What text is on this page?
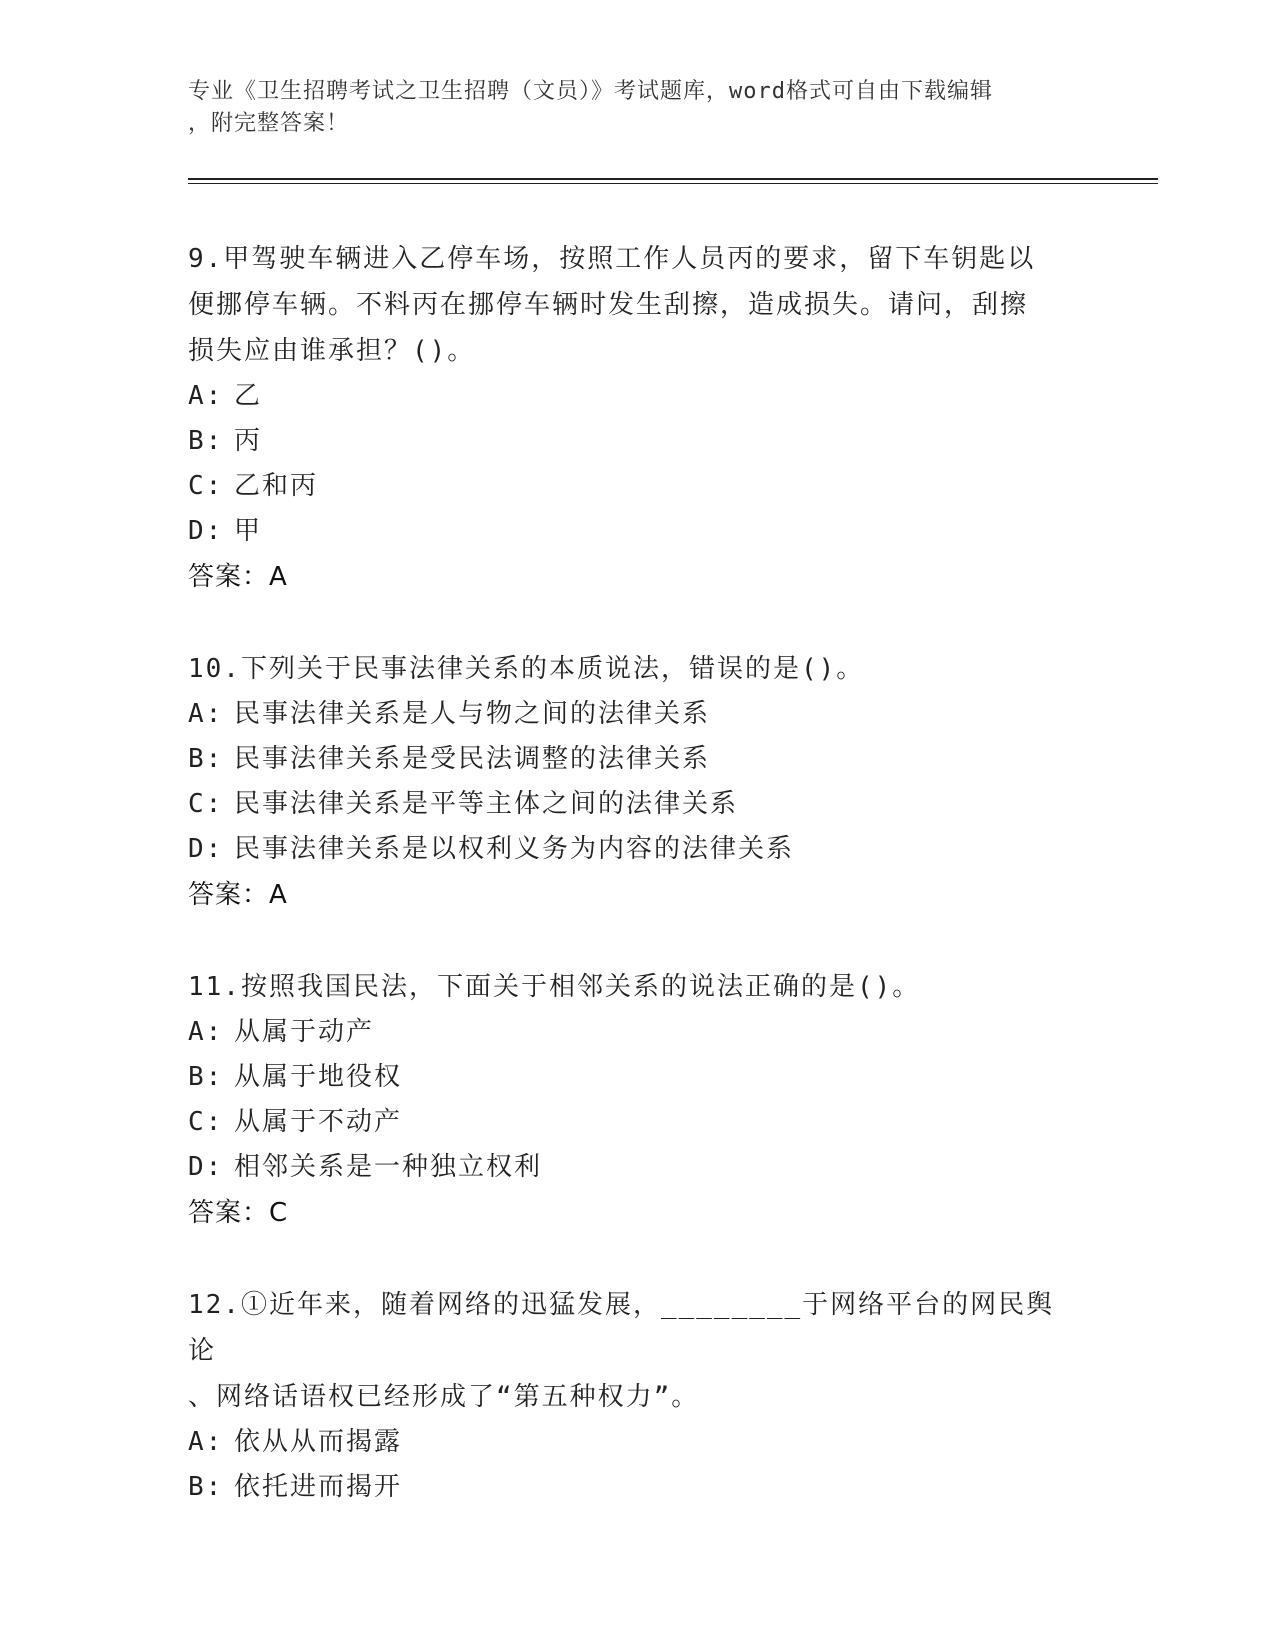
专业《卫生招聘考试之卫生招聘（文员）》考试题库，word格式可自由下载编辑
，附完整答案！
9.甲驾驶车辆进入乙停车场，按照工作人员丙的要求，留下车钥匙以
便挪停车辆。不料丙在挪停车辆时发生刮擦，造成损失。请问，刮擦
损失应由谁承担？()。
A: 乙
B: 丙
C: 乙和丙
D: 甲
答案：A
10.下列关于民事法律关系的本质说法，错误的是()。
A: 民事法律关系是人与物之间的法律关系
B: 民事法律关系是受民法调整的法律关系
C: 民事法律关系是平等主体之间的法律关系
D: 民事法律关系是以权利义务为内容的法律关系
答案：A
11.按照我国民法，下面关于相邻关系的说法正确的是()。
A: 从属于动产
B: 从属于地役权
C: 从属于不动产
D: 相邻关系是一种独立权利
答案：C
12.①近年来，随着网络的迅猛发展，________于网络平台的网民舆论
、网络话语权已经形成了“第五种权力”。
A: 依从从而揭露
B: 依托进而揭开
